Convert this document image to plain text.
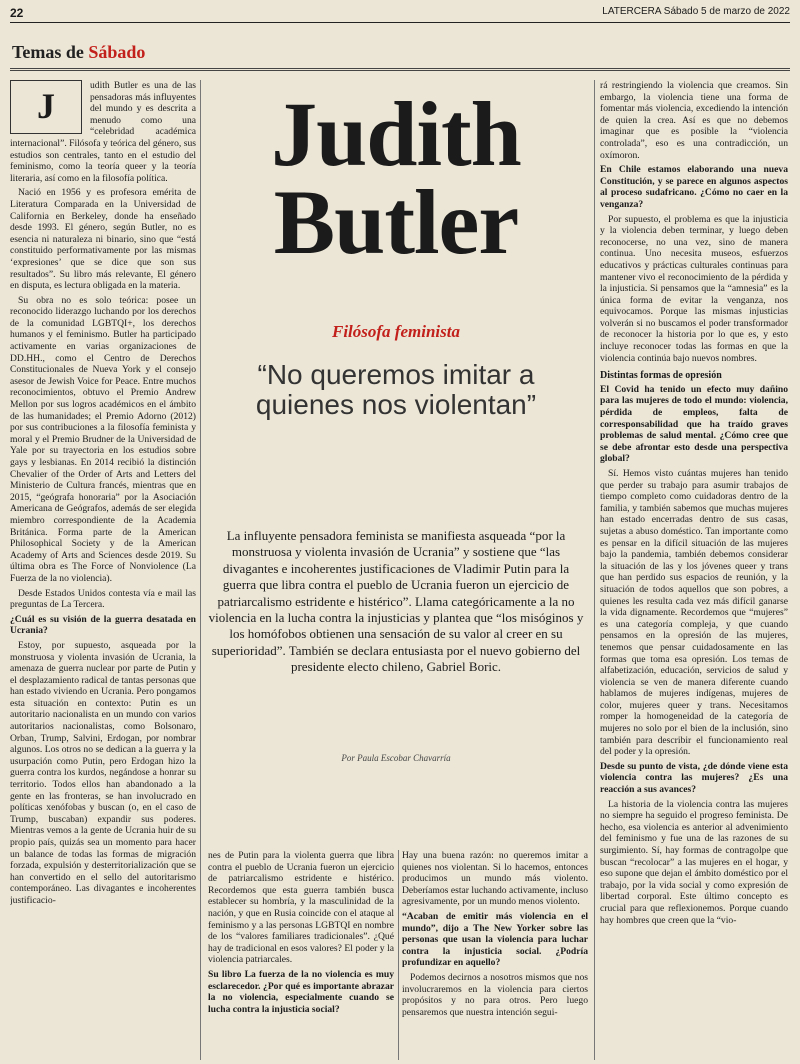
22	LATERCERA Sábado 5 de marzo de 2022
Temas de Sábado
J

udith Butler es una de las pensadoras más influyentes del mundo y es descrita a menudo como una “celebridad académica internacional”. Filósofa y teórica del género, sus estudios son centrales, tanto en el estudio del feminismo, como la teoría queer y la teoría literaria, así como en la filosofía política.

Nació en 1956 y es profesora emérita de Literatura Comparada en la Universidad de California en Berkeley, donde ha enseñado desde 1993. El género, según Butler, no es esencia ni naturaleza ni binario, sino que “está constituido performativamente por las mismas ‘expresiones’ que se dice que son sus resultados”. Su libro más relevante, El género en disputa, es lectura obligada en la materia.

Su obra no es solo teórica: posee un reconocido liderazgo luchando por los derechos de la comunidad LGBTQI+, los derechos humanos y el feminismo. Butler ha participado activamente en varias organizaciones de DD.HH., como el Centro de Derechos Constitucionales de Nueva York y el consejo asesor de Jewish Voice for Peace. Entre muchos reconocimientos, obtuvo el Premio Andrew Mellon por sus logros académicos en el ámbito de las humanidades; el Premio Adorno (2012) por sus contribuciones a la filosofía feminista y moral y el Premio Brudner de la Universidad de Yale por su trayectoria en los estudios sobre gays y lesbianas. En 2014 recibió la distinción Chevalier of the Order of Arts and Letters del Ministerio de Cultura francés, mientras que en 2015, “geógrafa honoraria” por la Asociación Americana de Geógrafos, además de ser elegida miembro correspondiente de la Academia Británica. Forma parte de la American Philosophical Society y de la American Academy of Arts and Sciences desde 2019. Su última obra es The Force of Nonviolence (La Fuerza de la no violencia).

Desde Estados Unidos contesta vía e mail las preguntas de La Tercera.

¿Cuál es su visión de la guerra desatada en Ucrania?

Estoy, por supuesto, asqueada por la monstruosa y violenta invasión de Ucrania, la amenaza de guerra nuclear por parte de Putin y el desplazamiento radical de tantas personas que han estado viviendo en Ucrania. Pero pongamos esta situación en contexto: Putin es un autoritario nacionalista en un mundo con varios autoritarios nacionalistas, como Bolsonaro, Orban, Trump, Salvini, Erdogan, por nombrar algunos. Los otros no se dedican a la guerra y la usurpación como Putin, pero Erdogan hizo la guerra contra los kurdos, negándose a honrar su territorio. Todos ellos han abandonado a la gente en las fronteras, se han involucrado en políticas xenófobas y buscan (o, en el caso de Trump, buscaban) expandir sus poderes. Mientras vemos a la gente de Ucrania huir de su propio país, quizás sea un momento para hacer un balance de todas las formas de migración forzada, expulsión y desterritorialización que se han convertido en el sello del autoritarismo contemporáneo. Las divagantes e incoherentes justificacio-

Judith
Butler
Filósofa feminista
“No queremos imitar a quienes nos violentan”
La influyente pensadora feminista se manifiesta asqueada “por la monstruosa y violenta invasión de Ucrania” y sostiene que “las divagantes e incoherentes justificaciones de Vladimir Putin para la guerra que libra contra el pueblo de Ucrania fueron un ejercicio de patriarcalismo estridente e histérico”. Llama categóricamente a la no violencia en la lucha contra la injusticias y plantea que “los misóginos y los homófobos obtienen una sensación de su valor al creer en su superioridad”. También se declara entusiasta por el nuevo gobierno del presidente electo chileno, Gabriel Boric.
Por Paula Escobar Chavarría

nes de Putin para la violenta guerra que libra contra el pueblo de Ucrania fueron un ejercicio de patriarcalismo estridente e histérico. Recordemos que esta guerra también busca establecer su hombría, y la masculinidad de la nación, y que en Rusia coincide con el ataque al feminismo y a las personas LGBTQI en nombre de los “valores familiares tradicionales”. ¿Qué hay de tradicional en esos valores? El poder y la violencia patriarcales.

Su libro La fuerza de la no violencia es muy esclarecedor. ¿Por qué es importante abrazar la no violencia, especialmente cuando se lucha contra la injusticia social?

Hay una buena razón: no queremos imitar a quienes nos violentan. Si lo hacemos, entonces producimos un mundo más violento. Deberíamos estar luchando activamente, incluso agresivamente, por un mundo menos violento.

“Acaban de emitir más violencia en el mundo”, dijo a The New Yorker sobre las personas que usan la violencia para luchar contra la injusticia social. ¿Podría profundizar en aquello?

Podemos decirnos a nosotros mismos que nos involucraremos en la violencia para ciertos propósitos y no para otros. Pero luego pensaremos que nuestra intención segui-

rá restringiendo la violencia que creamos. Sin embargo, la violencia tiene una forma de fomentar más violencia, excediendo la intención de quien la crea. Así es que no debemos imaginar que es posible la “violencia controlada”, eso es una contradicción, un oxímoron.

En Chile estamos elaborando una nueva Constitución, y se parece en algunos aspectos al proceso sudafricano. ¿Cómo no caer en la venganza?

Por supuesto, el problema es que la injusticia y la violencia deben terminar, y luego deben reconocerse, no una vez, sino de manera continua. Uno necesita museos, esfuerzos educativos y prácticas culturales continuas para mantener vivo el reconocimiento de la pérdida y la injusticia. Si pensamos que la “amnesia” es la única forma de evitar la venganza, nos equivocamos. Porque las mismas injusticias volverán si no buscamos el poder transformador de reconocer la historia por lo que es, y esto incluye reconocer todas las formas en que la violencia continúa bajo nuevos nombres.

Distintas formas de opresión

El Covid ha tenido un efecto muy dañino para las mujeres de todo el mundo: violencia, pérdida de empleos, falta de corresponsabilidad que ha traído graves problemas de salud mental. ¿Cómo cree que se debe afrontar esto desde una perspectiva global?

Sí. Hemos visto cuántas mujeres han tenido que perder su trabajo para asumir trabajos de tiempo completo como cuidadoras dentro de la familia, y también sabemos que muchas mujeres han estado encerradas dentro de sus casas, sujetas a abuso doméstico. Tan importante como es pensar en la difícil situación de las mujeres bajo la pandemia, también debemos considerar la situación de las y los jóvenes queer y trans que han perdido sus espacios de reunión, y la situación de todos aquellos que son pobres, a quienes les resulta cada vez más difícil ganarse la vida dignamente. Recordemos que “mujeres” es una categoría compleja, y que cuando pensamos en la opresión de las mujeres, tenemos que pensar cuidadosamente en las formas que toma esa opresión. Los temas de alfabetización, educación, servicios de salud y violencia se ven de manera diferente cuando hablamos de mujeres indígenas, mujeres de color, mujeres queer y trans. Necesitamos romper la homogeneidad de la categoría de mujeres no solo por el bien de la inclusión, sino también para describir el funcionamiento real del poder y la opresión.

Desde su punto de vista, ¿de dónde viene esta violencia contra las mujeres? ¿Es una reacción a sus avances?

La historia de la violencia contra las mujeres no siempre ha seguido el progreso feminista. De hecho, esa violencia es anterior al advenimiento del feminismo y fue una de las razones de su surgimiento. Sí, hay formas de contragolpe que buscan “recolocar” a las mujeres en el hogar, y eso supone que dejan el ámbito doméstico por el trabajo, por la vida social y como expresión de libertad corporal. Este último concepto es crucial para que reflexionemos. Porque cuando hay hombres que creen que la “vio-
